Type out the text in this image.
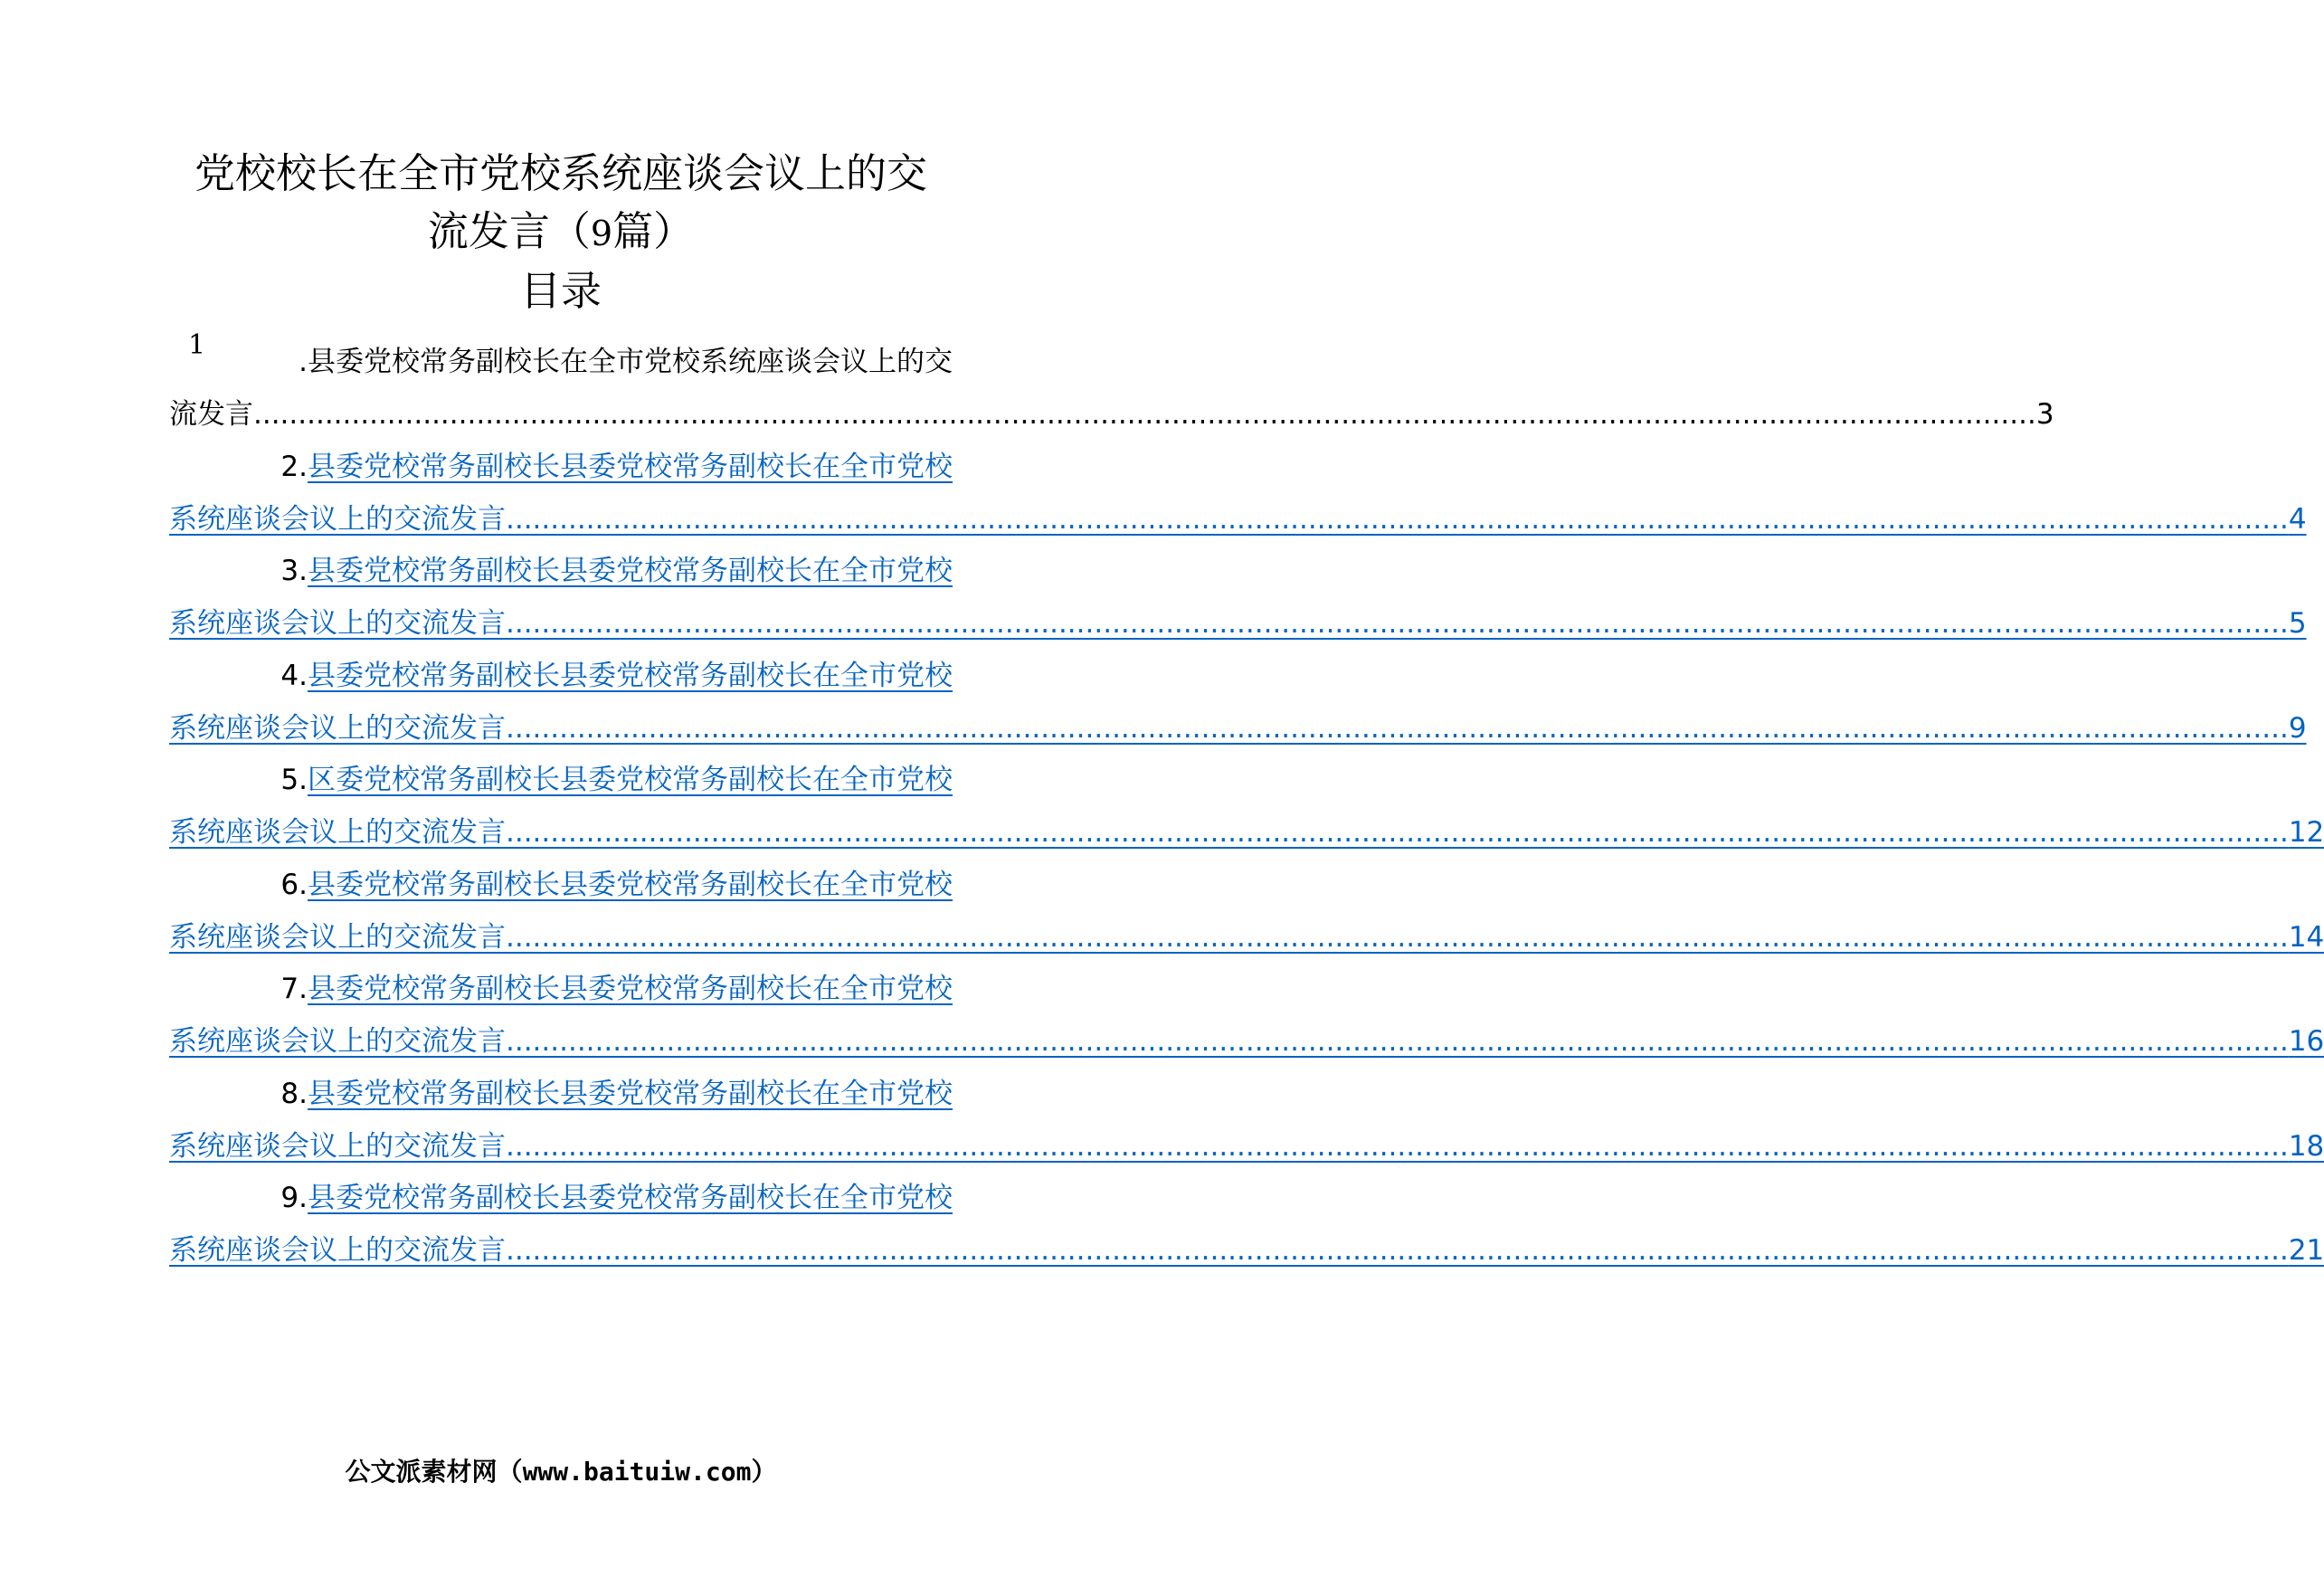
党校校长在全市党校系统座谈会议上的交
流发言（9篇）
目录
1
.县委党校常务副校长在全市党校系统座谈会议上的交
流发言 ........................................................................................................................................................................................................ 3
2.县委党校常务副校长县委党校常务副校长在全市党校
系统座谈会议上的交流发言 ........................................................................................................................................................................................................ 4
3.县委党校常务副校长县委党校常务副校长在全市党校
系统座谈会议上的交流发言 ........................................................................................................................................................................................................ 5
4.县委党校常务副校长县委党校常务副校长在全市党校
系统座谈会议上的交流发言 ........................................................................................................................................................................................................ 9
5.区委党校常务副校长县委党校常务副校长在全市党校
系统座谈会议上的交流发言 ........................................................................................................................................................................................................ 12
6.县委党校常务副校长县委党校常务副校长在全市党校
系统座谈会议上的交流发言 ........................................................................................................................................................................................................ 14
7.县委党校常务副校长县委党校常务副校长在全市党校
系统座谈会议上的交流发言 ........................................................................................................................................................................................................ 16
8.县委党校常务副校长县委党校常务副校长在全市党校
系统座谈会议上的交流发言 ........................................................................................................................................................................................................ 18
9.县委党校常务副校长县委党校常务副校长在全市党校
系统座谈会议上的交流发言 ........................................................................................................................................................................................................ 21
公文派素材网（www.baituiw.com）
